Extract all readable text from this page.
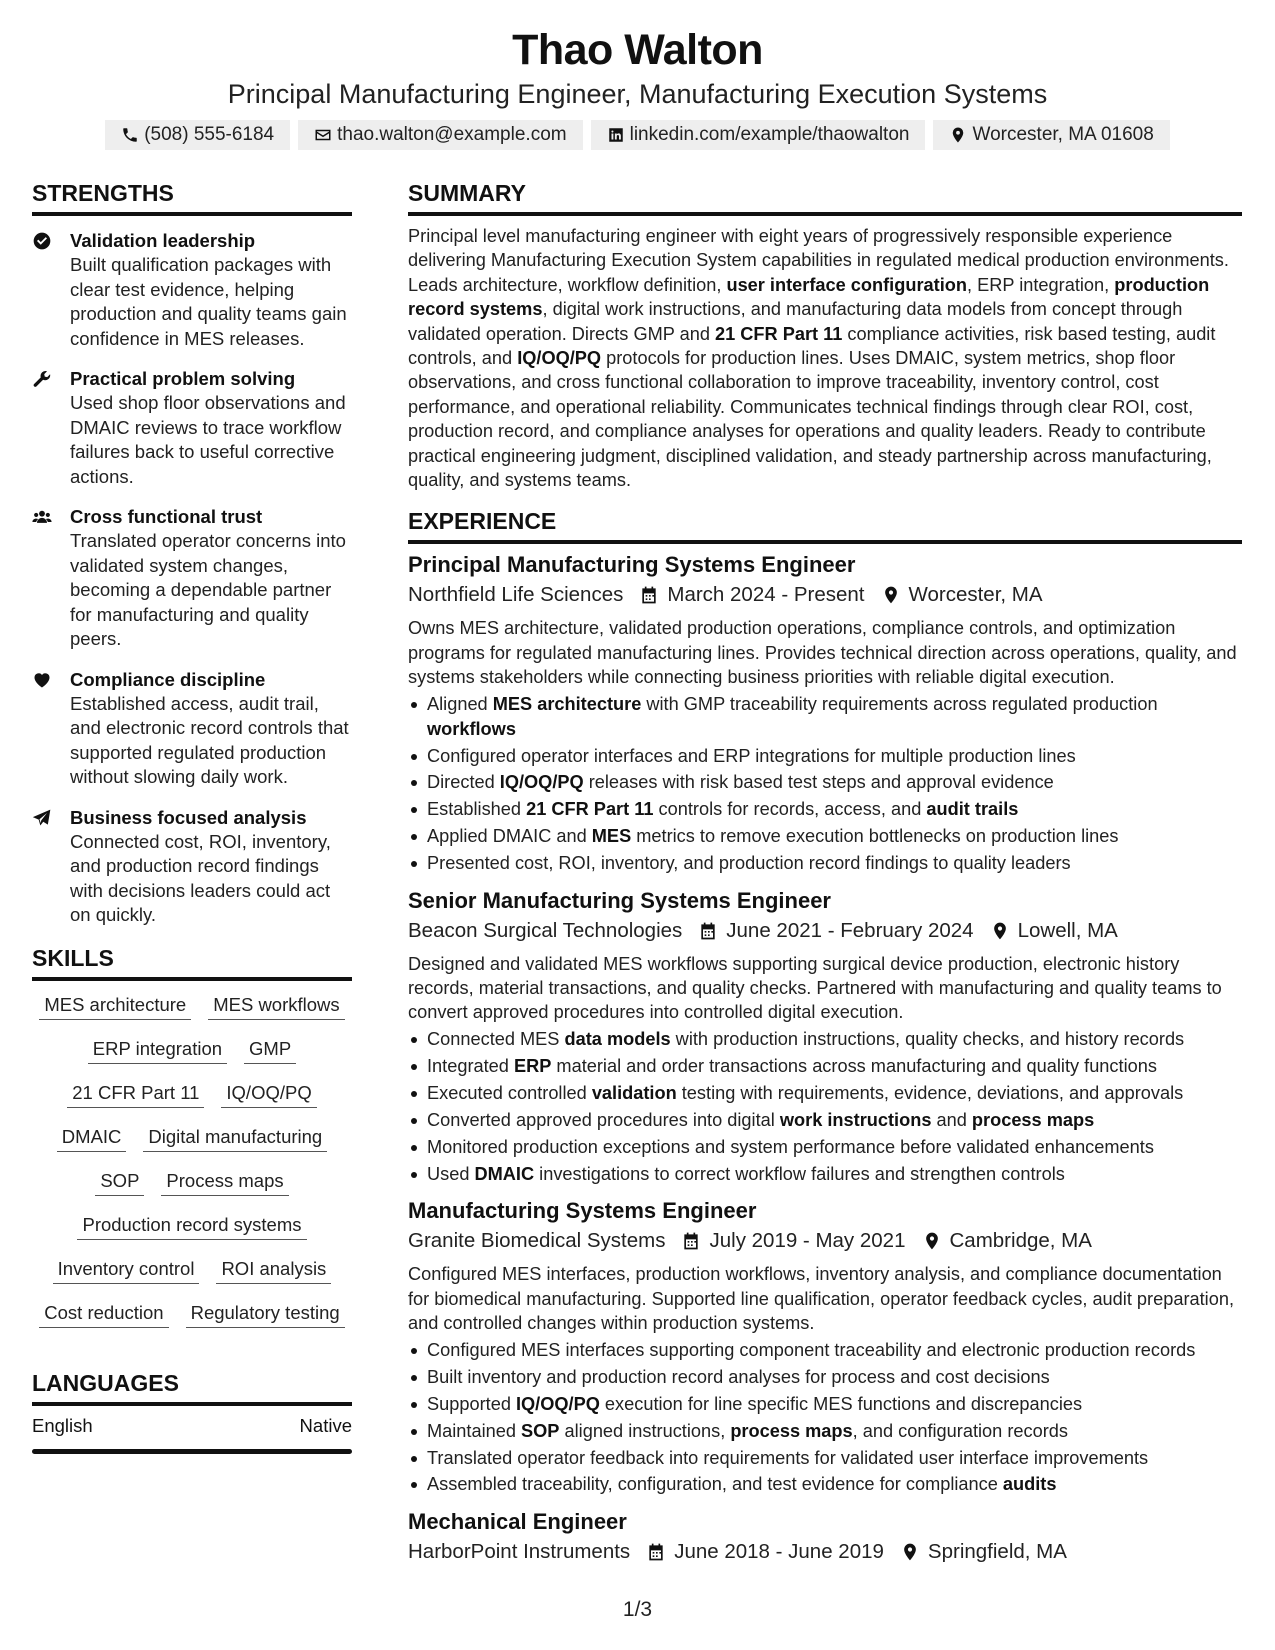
Thao Walton
Principal Manufacturing Engineer, Manufacturing Execution Systems
(508) 555-6184	thao.walton@example.com	linkedin.com/example/thaowalton	Worcester, MA 01608
STRENGTHS
Validation leadership
Built qualification packages with clear test evidence, helping production and quality teams gain confidence in MES releases.
Practical problem solving
Used shop floor observations and DMAIC reviews to trace workflow failures back to useful corrective actions.
Cross functional trust
Translated operator concerns into validated system changes, becoming a dependable partner for manufacturing and quality peers.
Compliance discipline
Established access, audit trail, and electronic record controls that supported regulated production without slowing daily work.
Business focused analysis
Connected cost, ROI, inventory, and production record findings with decisions leaders could act on quickly.
SKILLS
MES architecture MES workflows
ERP integration GMP
21 CFR Part 11 IQ/OQ/PQ
DMAIC Digital manufacturing
SOP Process maps
Production record systems
Inventory control ROI analysis
Cost reduction Regulatory testing
LANGUAGES
English	Native
SUMMARY
Principal level manufacturing engineer with eight years of progressively responsible experience delivering Manufacturing Execution System capabilities in regulated medical production environments. Leads architecture, workflow definition, user interface configuration, ERP integration, production record systems, digital work instructions, and manufacturing data models from concept through validated operation. Directs GMP and 21 CFR Part 11 compliance activities, risk based testing, audit controls, and IQ/OQ/PQ protocols for production lines. Uses DMAIC, system metrics, shop floor observations, and cross functional collaboration to improve traceability, inventory control, cost performance, and operational reliability. Communicates technical findings through clear ROI, cost, production record, and compliance analyses for operations and quality leaders. Ready to contribute practical engineering judgment, disciplined validation, and steady partnership across manufacturing, quality, and systems teams.
EXPERIENCE
Principal Manufacturing Systems Engineer
Northfield Life Sciences March 2024 - Present Worcester, MA
Owns MES architecture, validated production operations, compliance controls, and optimization programs for regulated manufacturing lines. Provides technical direction across operations, quality, and systems stakeholders while connecting business priorities with reliable digital execution.
Aligned MES architecture with GMP traceability requirements across regulated production workflows
Configured operator interfaces and ERP integrations for multiple production lines
Directed IQ/OQ/PQ releases with risk based test steps and approval evidence
Established 21 CFR Part 11 controls for records, access, and audit trails
Applied DMAIC and MES metrics to remove execution bottlenecks on production lines
Presented cost, ROI, inventory, and production record findings to quality leaders
Senior Manufacturing Systems Engineer
Beacon Surgical Technologies June 2021 - February 2024 Lowell, MA
Designed and validated MES workflows supporting surgical device production, electronic history records, material transactions, and quality checks. Partnered with manufacturing and quality teams to convert approved procedures into controlled digital execution.
Connected MES data models with production instructions, quality checks, and history records
Integrated ERP material and order transactions across manufacturing and quality functions
Executed controlled validation testing with requirements, evidence, deviations, and approvals
Converted approved procedures into digital work instructions and process maps
Monitored production exceptions and system performance before validated enhancements
Used DMAIC investigations to correct workflow failures and strengthen controls
Manufacturing Systems Engineer
Granite Biomedical Systems July 2019 - May 2021 Cambridge, MA
Configured MES interfaces, production workflows, inventory analysis, and compliance documentation for biomedical manufacturing. Supported line qualification, operator feedback cycles, audit preparation, and controlled changes within production systems.
Configured MES interfaces supporting component traceability and electronic production records
Built inventory and production record analyses for process and cost decisions
Supported IQ/OQ/PQ execution for line specific MES functions and discrepancies
Maintained SOP aligned instructions, process maps, and configuration records
Translated operator feedback into requirements for validated user interface improvements
Assembled traceability, configuration, and test evidence for compliance audits
Mechanical Engineer
HarborPoint Instruments June 2018 - June 2019 Springfield, MA
1/3
